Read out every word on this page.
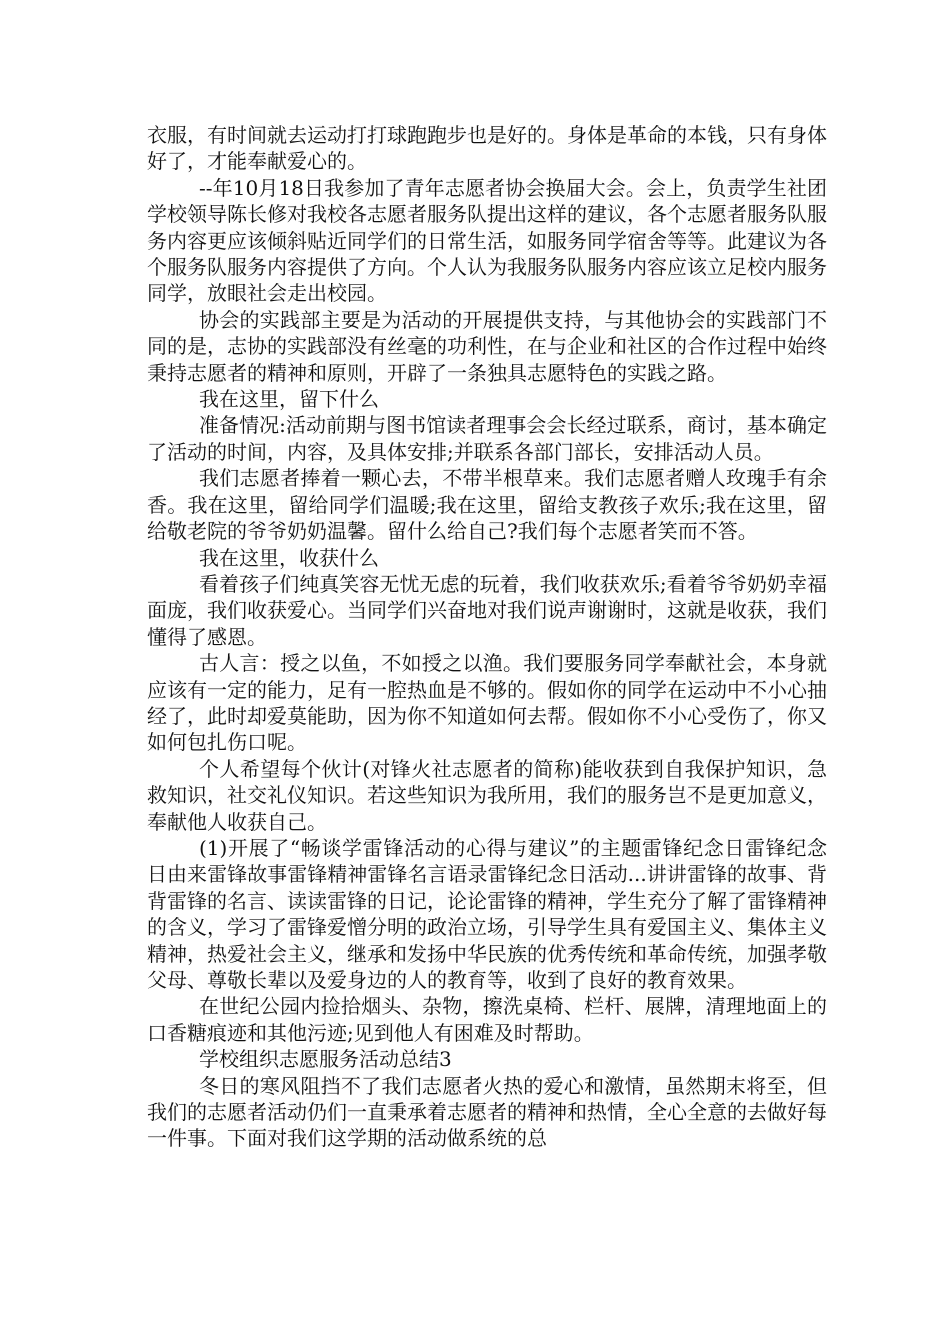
衣服，有时间就去运动打打球跑跑步也是好的。身体是革命的本钱，只有身体好了，才能奉献爱心的。

--年10月18日我参加了青年志愿者协会换届大会。会上，负责学生社团学校领导陈长修对我校各志愿者服务队提出这样的建议，各个志愿者服务队服务内容更应该倾斜贴近同学们的日常生活，如服务同学宿舍等等。此建议为各个服务队服务内容提供了方向。个人认为我服务队服务内容应该立足校内服务同学，放眼社会走出校园。

协会的实践部主要是为活动的开展提供支持，与其他协会的实践部门不同的是，志协的实践部没有丝毫的功利性，在与企业和社区的合作过程中始终秉持志愿者的精神和原则，开辟了一条独具志愿特色的实践之路。

我在这里，留下什么

准备情况:活动前期与图书馆读者理事会会长经过联系，商讨，基本确定了活动的时间，内容，及具体安排;并联系各部门部长，安排活动人员。

我们志愿者捧着一颗心去，不带半根草来。我们志愿者赠人玫瑰手有余香。我在这里，留给同学们温暖;我在这里，留给支教孩子欢乐;我在这里，留给敬老院的爷爷奶奶温馨。留什么给自己?我们每个志愿者笑而不答。

我在这里，收获什么

看着孩子们纯真笑容无忧无虑的玩着，我们收获欢乐;看着爷爷奶奶幸福面庞，我们收获爱心。当同学们兴奋地对我们说声谢谢时，这就是收获，我们懂得了感恩。

古人言：授之以鱼，不如授之以渔。我们要服务同学奉献社会，本身就应该有一定的能力，足有一腔热血是不够的。假如你的同学在运动中不小心抽经了，此时却爱莫能助，因为你不知道如何去帮。假如你不小心受伤了，你又如何包扎伤口呢。

个人希望每个伙计(对锋火社志愿者的简称)能收获到自我保护知识，急救知识，社交礼仪知识。若这些知识为我所用，我们的服务岂不是更加意义，奉献他人收获自己。

(1)开展了“畅谈学雷锋活动的心得与建议”的主题雷锋纪念日雷锋纪念日由来雷锋故事雷锋精神雷锋名言语录雷锋纪念日活动...讲讲雷锋的故事、背背雷锋的名言、读读雷锋的日记，论论雷锋的精神，学生充分了解了雷锋精神的含义，学习了雷锋爱憎分明的政治立场，引导学生具有爱国主义、集体主义精神，热爱社会主义，继承和发扬中华民族的优秀传统和革命传统，加强孝敬父母、尊敬长辈以及爱身边的人的教育等，收到了良好的教育效果。

在世纪公园内捡拾烟头、杂物，擦洗桌椅、栏杆、展牌，清理地面上的口香糖痕迹和其他污迹;见到他人有困难及时帮助。

学校组织志愿服务活动总结3

冬日的寒风阻挡不了我们志愿者火热的爱心和激情，虽然期末将至，但我们的志愿者活动仍们一直秉承着志愿者的精神和热情，全心全意的去做好每一件事。下面对我们这学期的活动做系统的总
